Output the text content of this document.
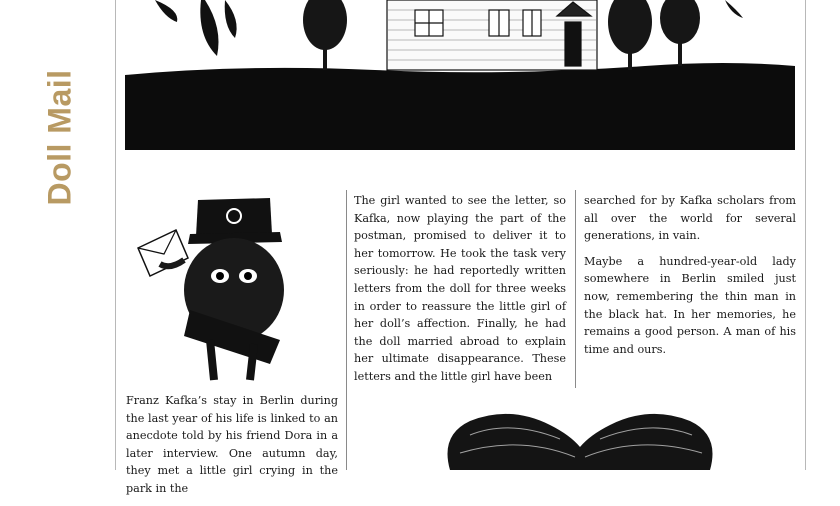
Doll Mail

Franz Kafka’s stay in Berlin during the last year of his life is linked to an anecdote told by his friend Dora in a later interview. One autumn day, they met a little girl crying in the park in the

The girl wanted to see the letter, so Kafka, now playing the part of the postman, promised to deliver it to her tomorrow. He took the task very seriously: he had reportedly written letters from the doll for three weeks in order to reassure the little girl of her doll’s affection. Finally, he had the doll married abroad to explain her ultimate disappearance. These letters and the little girl have been

searched for by Kafka scholars from all over the world for several generations, in vain.

Maybe a hundred-year-old lady somewhere in Berlin smiled just now, remembering the thin man in the black hat. In her memories, he remains a good person. A man of his time and ours.
